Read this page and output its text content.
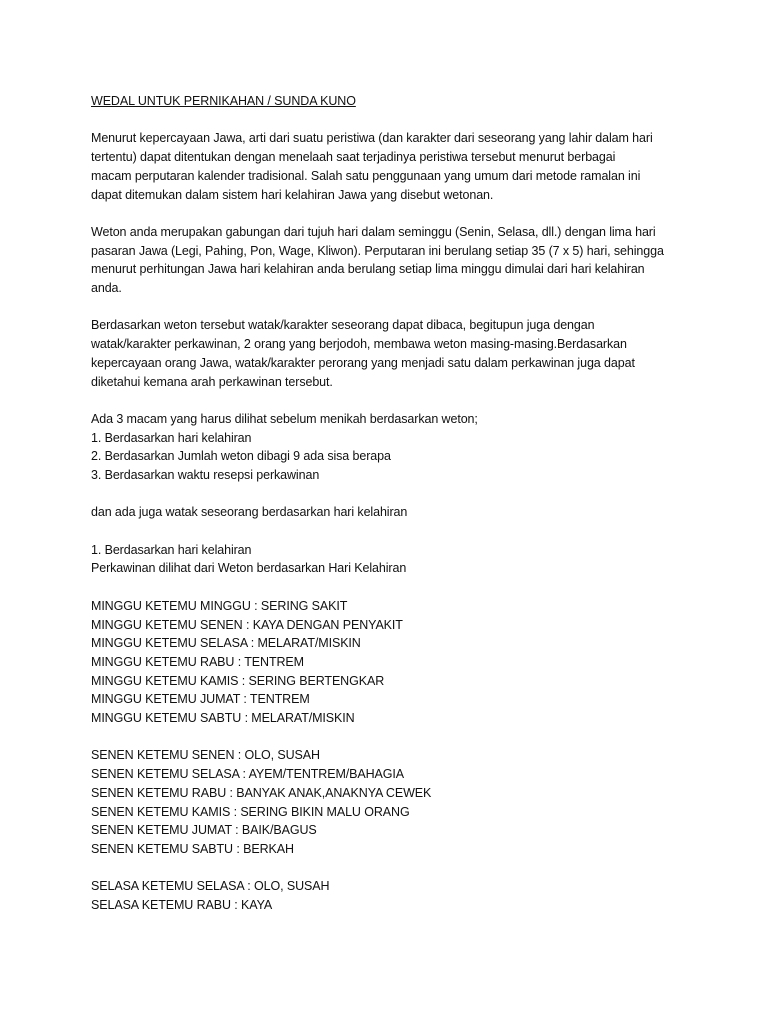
WEDAL UNTUK PERNIKAHAN / SUNDA KUNO

Menurut kepercayaan Jawa, arti dari suatu peristiwa (dan karakter dari seseorang yang lahir dalam hari
tertentu) dapat ditentukan dengan menelaah saat terjadinya peristiwa tersebut menurut berbagai
macam perputaran kalender tradisional. Salah satu penggunaan yang umum dari metode ramalan ini
dapat ditemukan dalam sistem hari kelahiran Jawa yang disebut wetonan.

Weton anda merupakan gabungan dari tujuh hari dalam seminggu (Senin, Selasa, dll.) dengan lima hari
pasaran Jawa (Legi, Pahing, Pon, Wage, Kliwon). Perputaran ini berulang setiap 35 (7 x 5) hari, sehingga
menurut perhitungan Jawa hari kelahiran anda berulang setiap lima minggu dimulai dari hari kelahiran
anda.

Berdasarkan weton tersebut watak/karakter seseorang dapat dibaca, begitupun juga dengan
watak/karakter perkawinan, 2 orang yang berjodoh, membawa weton masing-masing.Berdasarkan
kepercayaan orang Jawa, watak/karakter perorang yang menjadi satu dalam perkawinan juga dapat
diketahui kemana arah perkawinan tersebut.

Ada 3 macam yang harus dilihat sebelum menikah berdasarkan weton;
1. Berdasarkan hari kelahiran
2. Berdasarkan Jumlah weton dibagi 9 ada sisa berapa
3. Berdasarkan waktu resepsi perkawinan

dan ada juga watak seseorang berdasarkan hari kelahiran

1. Berdasarkan hari kelahiran
Perkawinan dilihat dari Weton berdasarkan Hari Kelahiran

MINGGU KETEMU MINGGU : SERING SAKIT
MINGGU KETEMU SENEN : KAYA DENGAN PENYAKIT
MINGGU KETEMU SELASA : MELARAT/MISKIN
MINGGU KETEMU RABU : TENTREM
MINGGU KETEMU KAMIS : SERING BERTENGKAR
MINGGU KETEMU JUMAT : TENTREM
MINGGU KETEMU SABTU : MELARAT/MISKIN
SENEN KETEMU SENEN : OLO, SUSAH
SENEN KETEMU SELASA : AYEM/TENTREM/BAHAGIA
SENEN KETEMU RABU : BANYAK ANAK,ANAKNYA CEWEK
SENEN KETEMU KAMIS : SERING BIKIN MALU ORANG
SENEN KETEMU JUMAT : BAIK/BAGUS
SENEN KETEMU SABTU : BERKAH
SELASA KETEMU SELASA : OLO, SUSAH
SELASA KETEMU RABU : KAYA
